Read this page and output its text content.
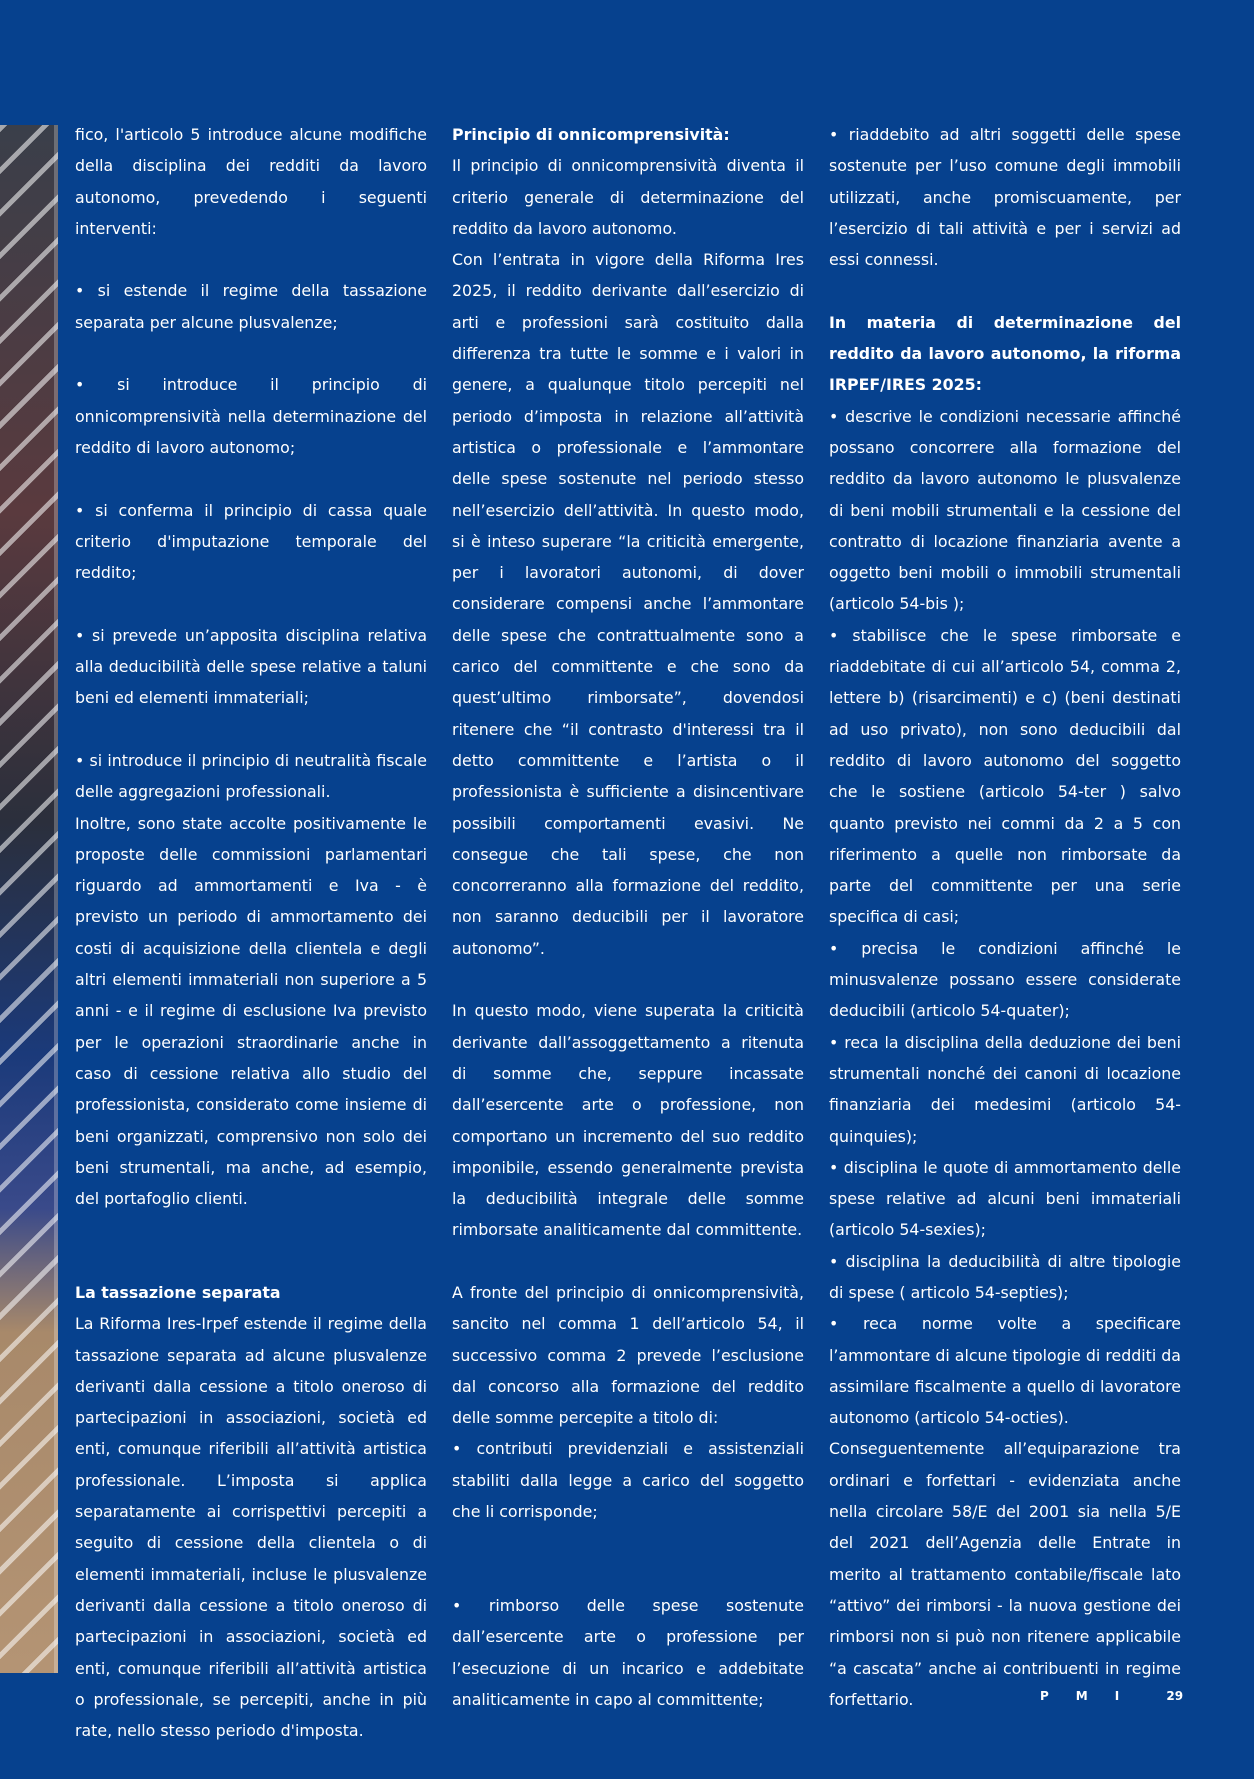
fico, l'articolo 5 introduce alcune modifiche della disciplina dei redditi da lavoro autonomo, prevedendo i seguenti interventi:

• si estende il regime della tassazione separata per alcune plusvalenze;

• si introduce il principio di onnicomprensività nella determinazione del reddito di lavoro autonomo;

• si conferma il principio di cassa quale criterio d'imputazione temporale del reddito;

• si prevede un’apposita disciplina relativa alla deducibilità delle spese relative a taluni beni ed elementi immateriali;

• si introduce il principio di neutralità fiscale delle aggregazioni professionali.

Inoltre, sono state accolte positivamente le proposte delle commissioni parlamentari riguardo ad ammortamenti e Iva - è previsto un periodo di ammortamento dei costi di acquisizione della clientela e degli altri elementi immateriali non superiore a 5 anni - e il regime di esclusione Iva previsto per le operazioni straordinarie anche in caso di cessione relativa allo studio del professionista, considerato come insieme di beni organizzati, comprensivo non solo dei beni strumentali, ma anche, ad esempio, del portafoglio clienti.

La tassazione separata

La Riforma Ires-Irpef estende il regime della tassazione separata ad alcune plusvalenze derivanti dalla cessione a titolo oneroso di partecipazioni in associazioni, società ed enti, comunque riferibili all’attività artistica professionale. L’imposta si applica separatamente ai corrispettivi percepiti a seguito di cessione della clientela o di elementi immateriali, incluse le plusvalenze derivanti dalla cessione a titolo oneroso di partecipazioni in associazioni, società ed enti, comunque riferibili all’attività artistica o professionale, se percepiti, anche in più rate, nello stesso periodo d'imposta.

Principio di onnicomprensività:

Il principio di onnicomprensività diventa il criterio generale di determinazione del reddito da lavoro autonomo.

Con l’entrata in vigore della Riforma Ires 2025, il reddito derivante dall’esercizio di arti e professioni sarà costituito dalla differenza tra tutte le somme e i valori in genere, a qualunque titolo percepiti nel periodo d’imposta in relazione all’attività artistica o professionale e l’ammontare delle spese sostenute nel periodo stesso nell’esercizio dell’attività. In questo modo, si è inteso superare “la criticità emergente, per i lavoratori autonomi, di dover considerare compensi anche l’ammontare delle spese che contrattualmente sono a carico del committente e che sono da quest’ultimo rimborsate”, dovendosi ritenere che “il contrasto d'interessi tra il detto committente e l’artista o il professionista è sufficiente a disincentivare possibili comportamenti evasivi. Ne consegue che tali spese, che non concorreranno alla formazione del reddito, non saranno deducibili per il lavoratore autonomo”.

In questo modo, viene superata la criticità derivante dall’assoggettamento a ritenuta di somme che, seppure incassate dall’esercente arte o professione, non comportano un incremento del suo reddito imponibile, essendo generalmente prevista la deducibilità integrale delle somme rimborsate analiticamente dal committente.

A fronte del principio di onnicomprensività, sancito nel comma 1 dell’articolo 54, il successivo comma 2 prevede l’esclusione dal concorso alla formazione del reddito delle somme percepite a titolo di:

• contributi previdenziali e assistenziali stabiliti dalla legge a carico del soggetto che li corrisponde;

• rimborso delle spese sostenute dall’esercente arte o professione per l’esecuzione di un incarico e addebitate analiticamente in capo al committente;

• riaddebito ad altri soggetti delle spese sostenute per l’uso comune degli immobili utilizzati, anche promiscuamente, per l’esercizio di tali attività e per i servizi ad essi connessi.

In materia di determinazione del reddito da lavoro autonomo, la riforma IRPEF/IRES 2025:

• descrive le condizioni necessarie affinché possano concorrere alla formazione del reddito da lavoro autonomo le plusvalenze di beni mobili strumentali e la cessione del contratto di locazione finanziaria avente a oggetto beni mobili o immobili strumentali (articolo 54-bis );

• stabilisce che le spese rimborsate e riaddebitate di cui all’articolo 54, comma 2, lettere b) (risarcimenti) e c) (beni destinati ad uso privato), non sono deducibili dal reddito di lavoro autonomo del soggetto che le sostiene (articolo 54-ter ) salvo quanto previsto nei commi da 2 a 5 con riferimento a quelle non rimborsate da parte del committente per una serie specifica di casi;

• precisa le condizioni affinché le minusvalenze possano essere considerate deducibili (articolo 54-quater);

• reca la disciplina della deduzione dei beni strumentali nonché dei canoni di locazione finanziaria dei medesimi (articolo 54-quinquies);

• disciplina le quote di ammortamento delle spese relative ad alcuni beni immateriali (articolo 54-sexies);

• disciplina la deducibilità di altre tipologie di spese ( articolo 54-septies);

• reca norme volte a specificare l’ammontare di alcune tipologie di redditi da assimilare fiscalmente a quello di lavoratore autonomo (articolo 54-octies).

Conseguentemente all’equiparazione tra ordinari e forfettari - evidenziata anche nella circolare 58/E del 2001 sia nella 5/E del 2021 dell’Agenzia delle Entrate in merito al trattamento contabile/fiscale lato “attivo” dei rimborsi - la nuova gestione dei rimborsi non si può non ritenere applicabile “a cascata” anche ai contribuenti in regime forfettario.	PMI 29
